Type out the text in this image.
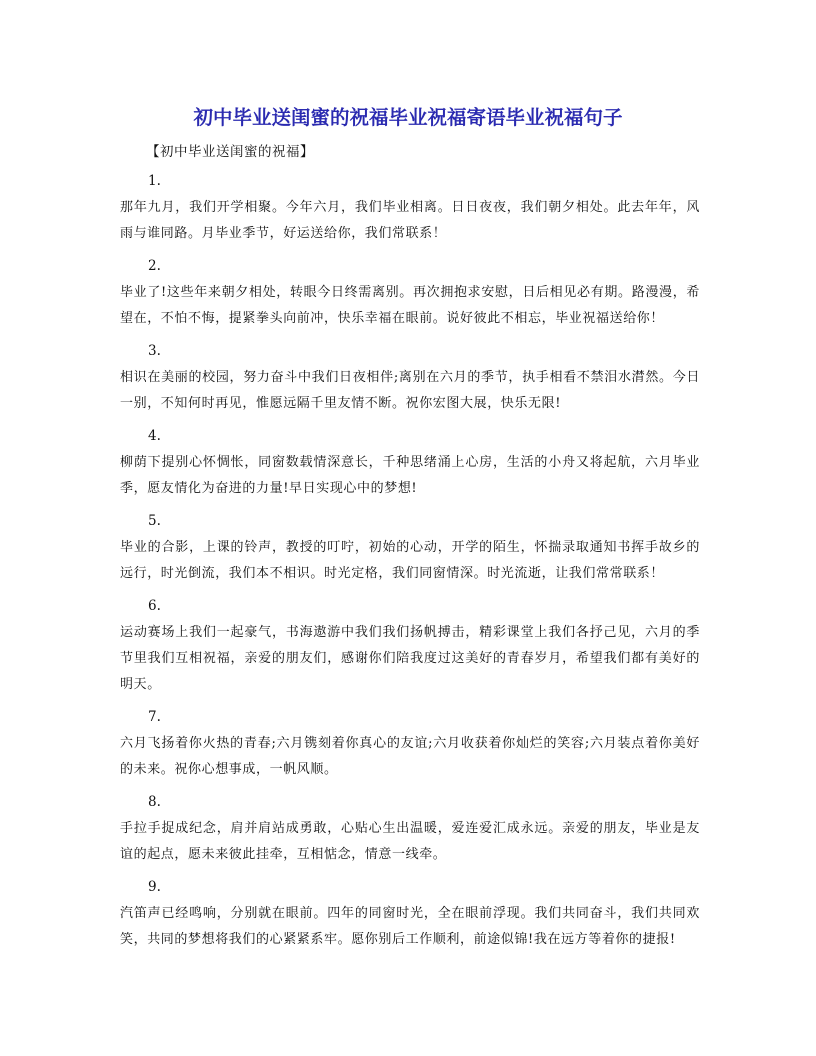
初中毕业送闺蜜的祝福毕业祝福寄语毕业祝福句子
【初中毕业送闺蜜的祝福】
1.
那年九月，我们开学相聚。今年六月，我们毕业相离。日日夜夜，我们朝夕相处。此去年年，风雨与谁同路。月毕业季节，好运送给你，我们常联系！
2.
毕业了!这些年来朝夕相处，转眼今日终需离别。再次拥抱求安慰，日后相见必有期。路漫漫，希望在，不怕不悔，提紧拳头向前冲，快乐幸福在眼前。说好彼此不相忘，毕业祝福送给你！
3.
相识在美丽的校园，努力奋斗中我们日夜相伴;离别在六月的季节，执手相看不禁泪水潸然。今日一别，不知何时再见，惟愿远隔千里友情不断。祝你宏图大展，快乐无限!
4.
柳荫下提别心怀惆怅，同窗数载情深意长，千种思绪涌上心房，生活的小舟又将起航，六月毕业季，愿友情化为奋进的力量!早日实现心中的梦想!
5.
毕业的合影，上课的铃声，教授的叮咛，初始的心动，开学的陌生，怀揣录取通知书挥手故乡的远行，时光倒流，我们本不相识。时光定格，我们同窗情深。时光流逝，让我们常常联系！
6.
运动赛场上我们一起豪气，书海遨游中我们我们扬帆搏击，精彩课堂上我们各抒己见，六月的季节里我们互相祝福，亲爱的朋友们，感谢你们陪我度过这美好的青春岁月，希望我们都有美好的明天。
7.
六月飞扬着你火热的青春;六月镌刻着你真心的友谊;六月收获着你灿烂的笑容;六月装点着你美好的未来。祝你心想事成，一帆风顺。
8.
手拉手捉成纪念，肩并肩站成勇敢，心贴心生出温暖，爱连爱汇成永远。亲爱的朋友，毕业是友谊的起点，愿未来彼此挂牵，互相惦念，情意一线牵。
9.
汽笛声已经鸣响，分别就在眼前。四年的同窗时光，全在眼前浮现。我们共同奋斗，我们共同欢笑，共同的梦想将我们的心紧紧系牢。愿你别后工作顺利，前途似锦!我在远方等着你的捷报!
